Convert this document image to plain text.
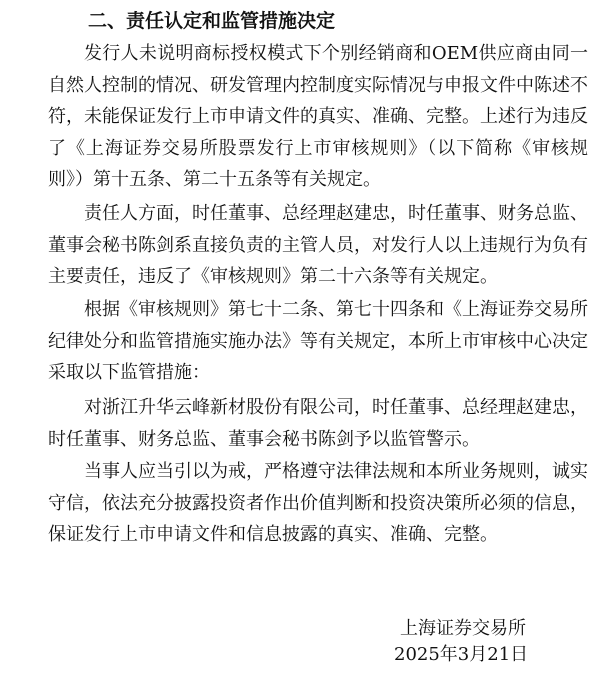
二、责任认定和监管措施决定

发行人未说明商标授权模式下个别经销商和OEM供应商由同一自然人控制的情况、研发管理内控制度实际情况与申报文件中陈述不符，未能保证发行上市申请文件的真实、准确、完整。上述行为违反了《上海证券交易所股票发行上市审核规则》（以下简称《审核规则》）第十五条、第二十五条等有关规定。

责任人方面，时任董事、总经理赵建忠，时任董事、财务总监、董事会秘书陈剑系直接负责的主管人员，对发行人以上违规行为负有主要责任，违反了《审核规则》第二十六条等有关规定。

根据《审核规则》第七十二条、第七十四条和《上海证券交易所纪律处分和监管措施实施办法》等有关规定，本所上市审核中心决定采取以下监管措施：

对浙江升华云峰新材股份有限公司，时任董事、总经理赵建忠，时任董事、财务总监、董事会秘书陈剑予以监管警示。

当事人应当引以为戒，严格遵守法律法规和本所业务规则，诚实守信，依法充分披露投资者作出价值判断和投资决策所必须的信息，保证发行上市申请文件和信息披露的真实、准确、完整。

上海证券交易所

2025年3月21日
